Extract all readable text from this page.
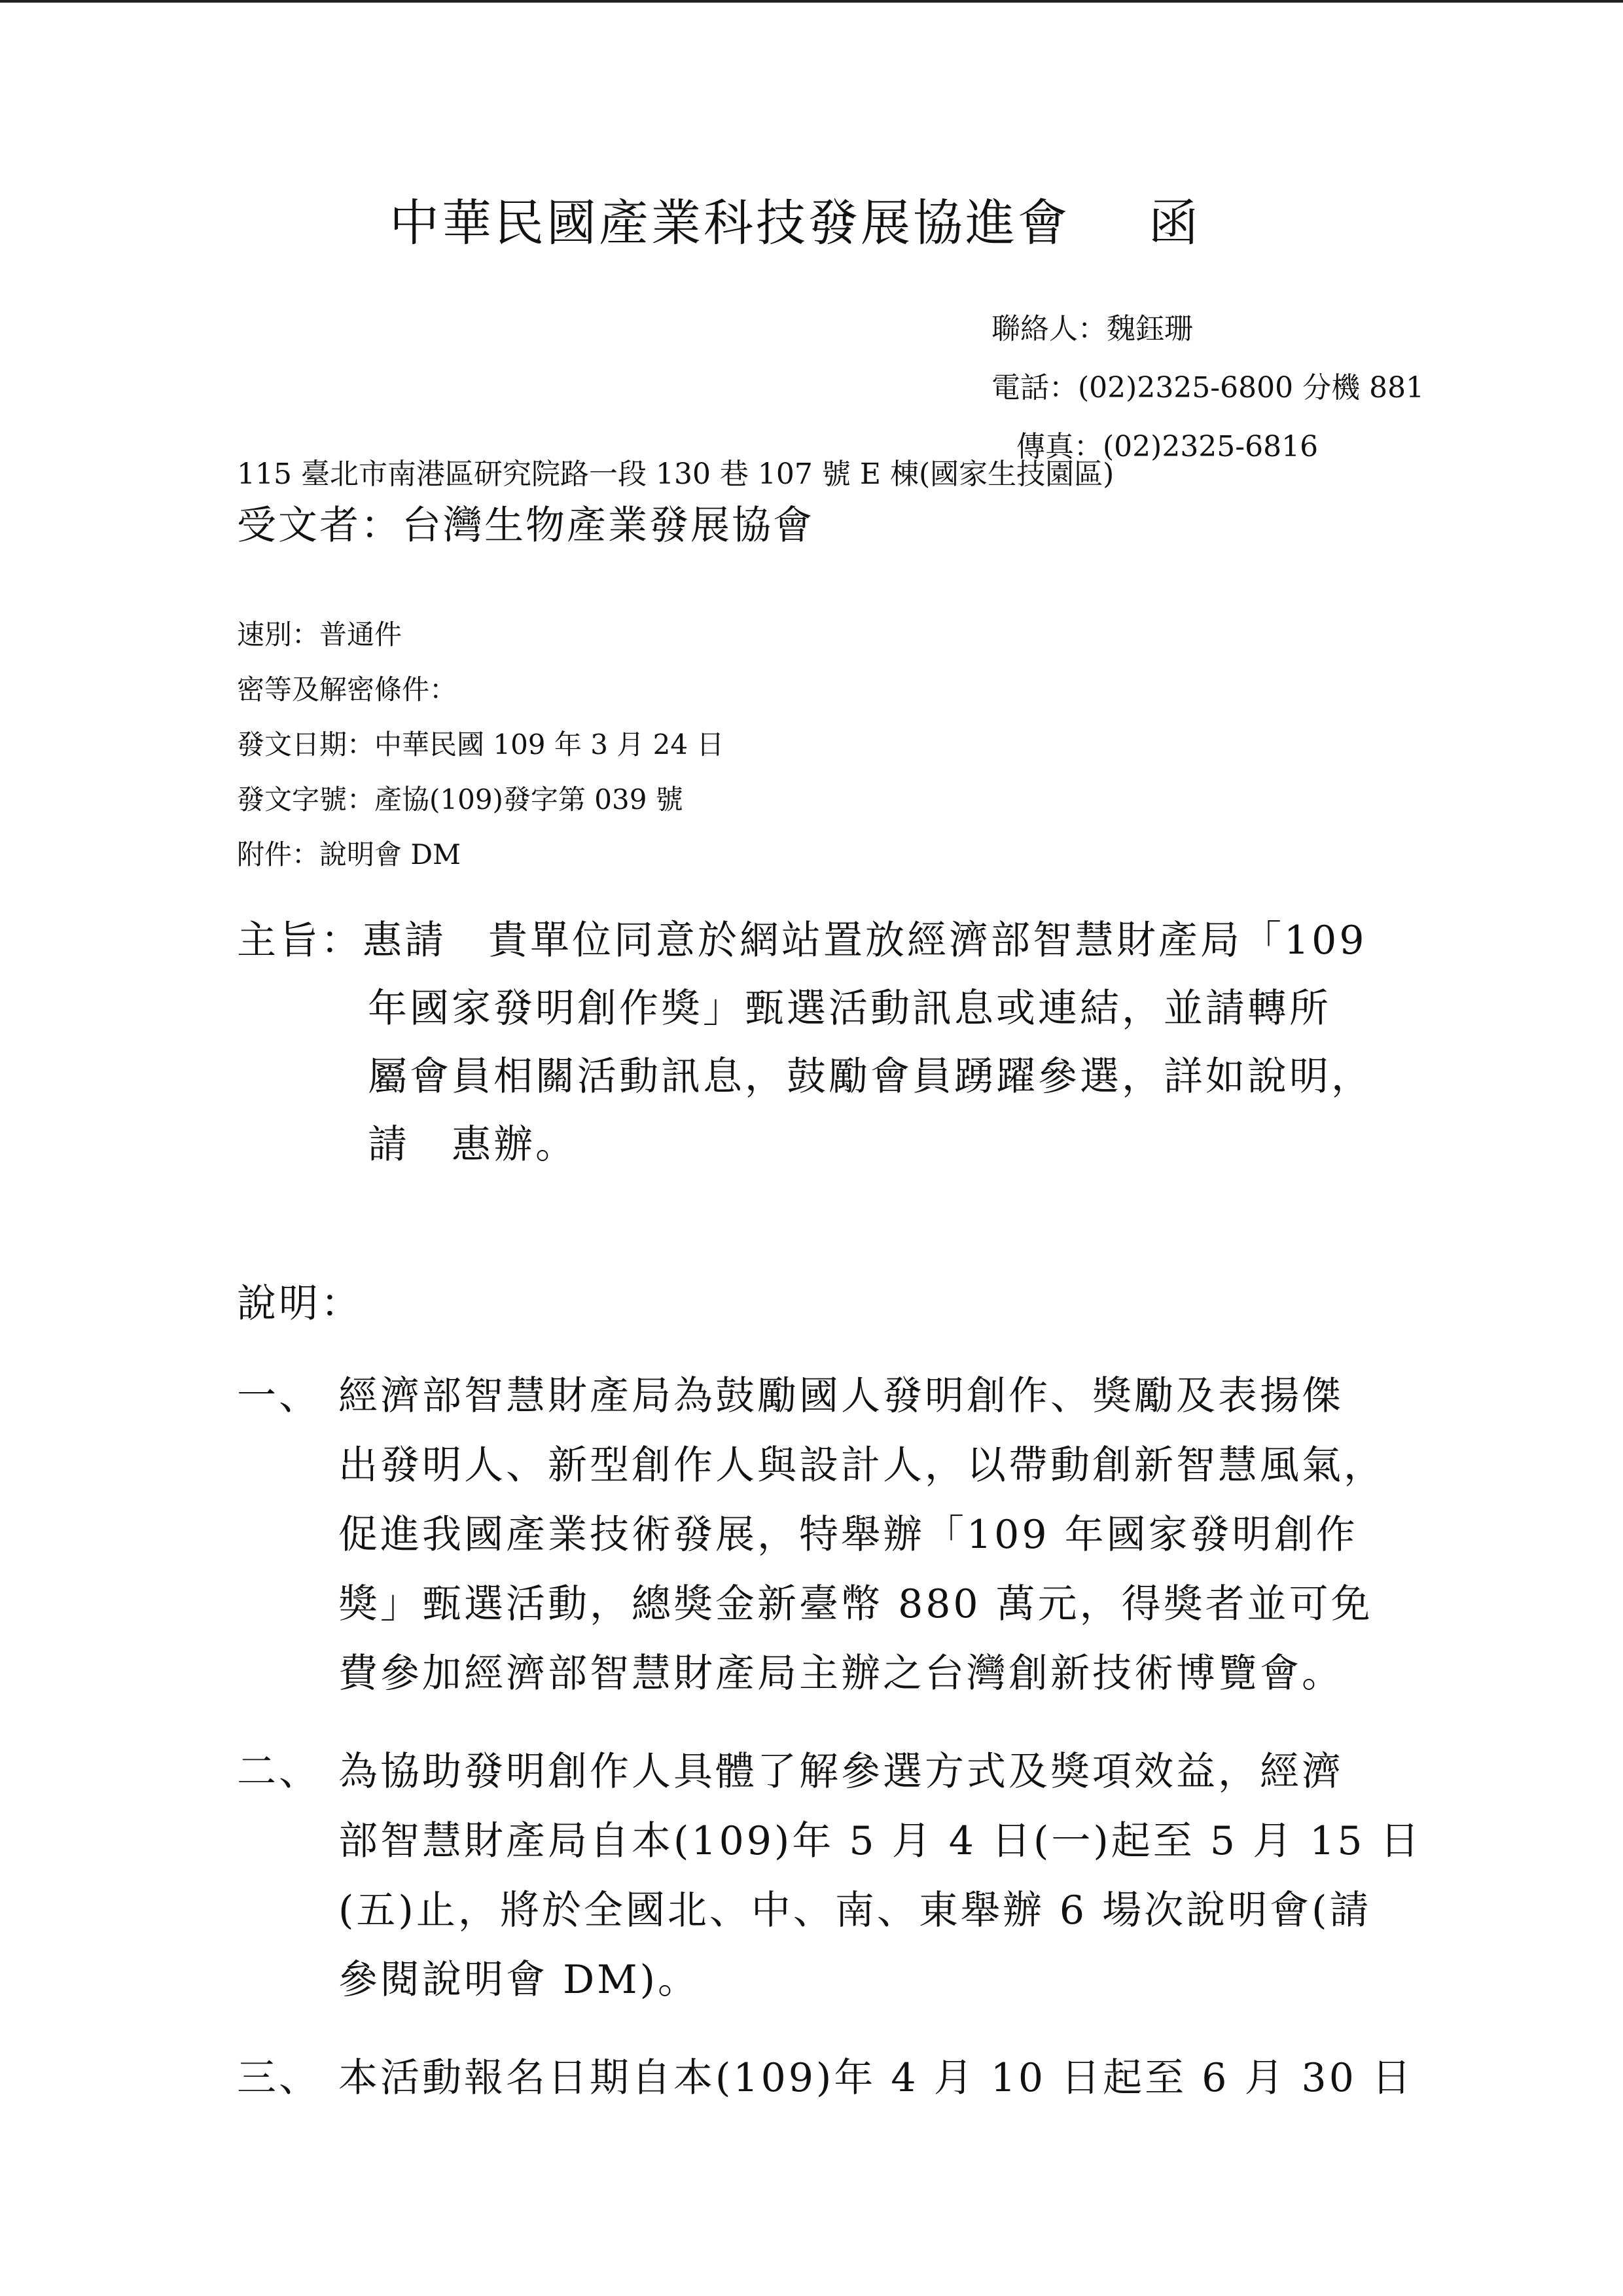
中華民國產業科技發展協進會 函
聯絡人：魏鈺珊
電話：(02)2325-6800 分機 881
傳真：(02)2325-6816
115 臺北市南港區研究院路一段 130 巷 107 號 E 棟(國家生技園區)
受文者：台灣生物產業發展協會
速別：普通件
密等及解密條件：
發文日期：中華民國 109 年 3 月 24 日
發文字號：產協(109)發字第 039 號
附件：說明會 DM
主旨：惠請　貴單位同意於網站置放經濟部智慧財產局「109
年國家發明創作獎」甄選活動訊息或連結，並請轉所
屬會員相關活動訊息，鼓勵會員踴躍參選，詳如說明，
請　惠辦。
說明：
一、 經濟部智慧財產局為鼓勵國人發明創作、獎勵及表揚傑
出發明人、新型創作人與設計人，以帶動創新智慧風氣，
促進我國產業技術發展，特舉辦「109 年國家發明創作
獎」甄選活動，總獎金新臺幣 880 萬元，得獎者並可免
費參加經濟部智慧財產局主辦之台灣創新技術博覽會。
二、 為協助發明創作人具體了解參選方式及獎項效益，經濟
部智慧財產局自本(109)年 5 月 4 日(一)起至 5 月 15 日
(五)止，將於全國北、中、南、東舉辦 6 場次說明會(請
參閱說明會 DM)。
三、 本活動報名日期自本(109)年 4 月 10 日起至 6 月 30 日
